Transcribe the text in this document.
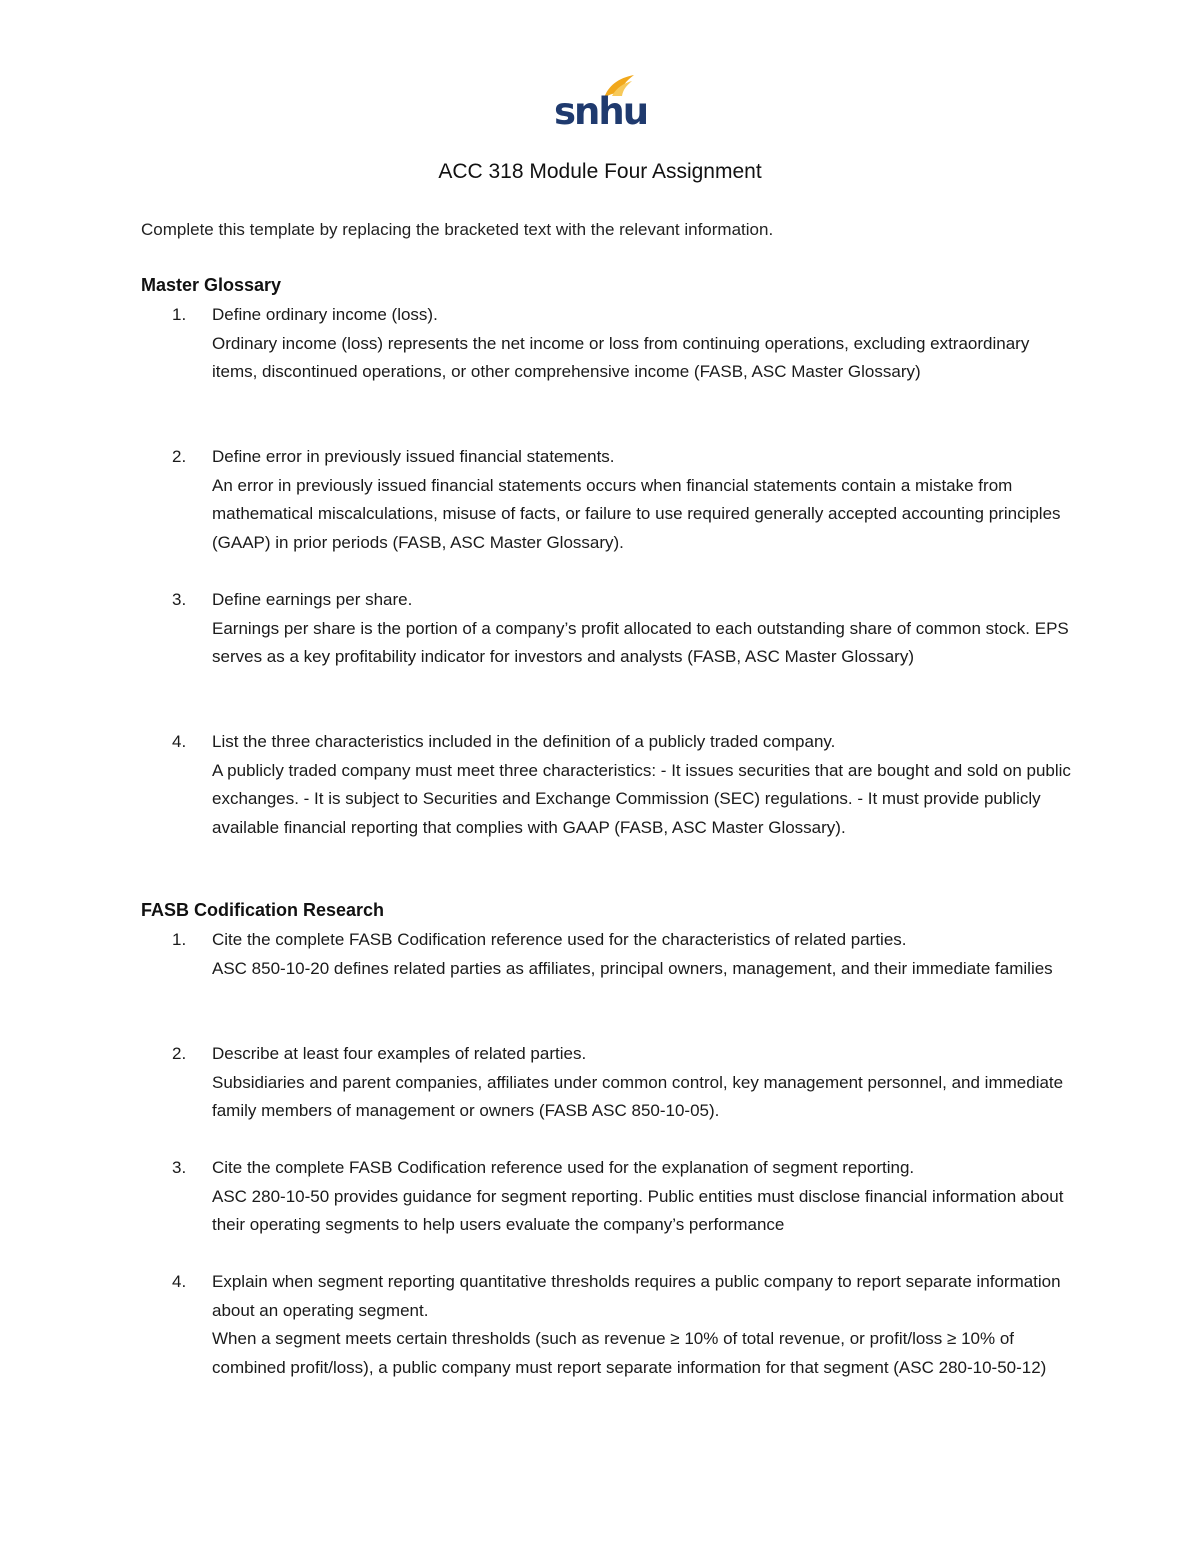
snhu
ACC 318 Module Four Assignment
Complete this template by replacing the bracketed text with the relevant information.
Master Glossary
1.	Define ordinary income (loss).
Ordinary income (loss) represents the net income or loss from continuing operations, excluding extraordinary items, discontinued operations, or other comprehensive income (FASB, ASC Master Glossary)
2.	Define error in previously issued financial statements.
An error in previously issued financial statements occurs when financial statements contain a mistake from mathematical miscalculations, misuse of facts, or failure to use required generally accepted accounting principles (GAAP) in prior periods (FASB, ASC Master Glossary).
3.	Define earnings per share.
Earnings per share is the portion of a company’s profit allocated to each outstanding share of common stock. EPS serves as a key profitability indicator for investors and analysts (FASB, ASC Master Glossary)
4.	List the three characteristics included in the definition of a publicly traded company.
A publicly traded company must meet three characteristics: - It issues securities that are bought and sold on public exchanges. - It is subject to Securities and Exchange Commission (SEC) regulations. - It must provide publicly available financial reporting that complies with GAAP (FASB, ASC Master Glossary).
FASB Codification Research
1.	Cite the complete FASB Codification reference used for the characteristics of related parties.
ASC 850-10-20 defines related parties as affiliates, principal owners, management, and their immediate families
2.	Describe at least four examples of related parties.
Subsidiaries and parent companies, affiliates under common control, key management personnel, and immediate family members of management or owners (FASB ASC 850-10-05).
3.	Cite the complete FASB Codification reference used for the explanation of segment reporting.
ASC 280-10-50 provides guidance for segment reporting. Public entities must disclose financial information about their operating segments to help users evaluate the company’s performance
4.	Explain when segment reporting quantitative thresholds requires a public company to report separate information about an operating segment.
When a segment meets certain thresholds (such as revenue ≥ 10% of total revenue, or profit/loss ≥ 10% of combined profit/loss), a public company must report separate information for that segment (ASC 280-10-50-12)
